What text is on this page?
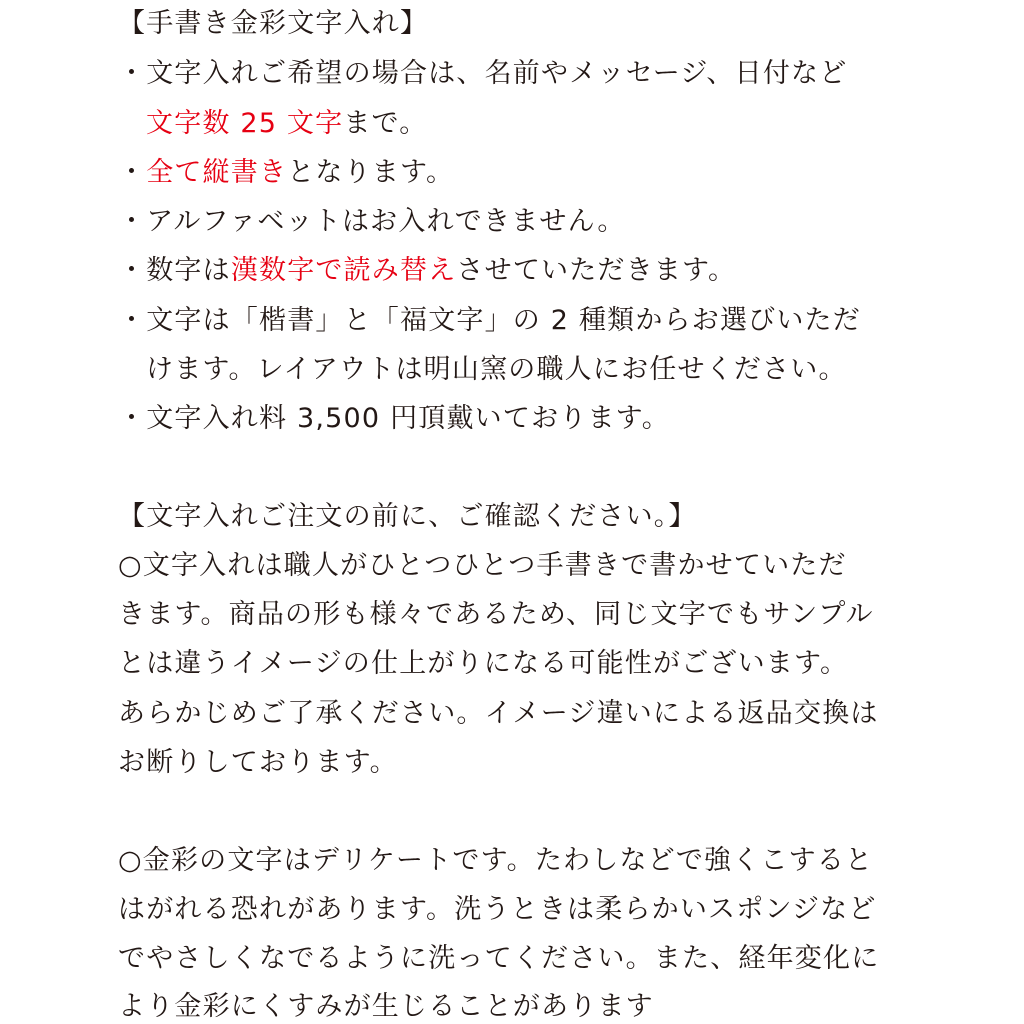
【手書き金彩文字入れ】
・文字入れご希望の場合は、名前やメッセージ、日付など
文字数 25 文字まで。
・全て縦書きとなります。
・アルファベットはお入れできません。
・数字は漢数字で読み替えさせていただきます。
・文字は「楷書」と「福文字」の 2 種類からお選びいただ
けます。レイアウトは明山窯の職人にお任せください。
・文字入れ料 3,500 円頂戴いております。
【文字入れご注文の前に、ご確認ください。】
○文字入れは職人がひとつひとつ手書きで書かせていただ
きます。商品の形も様々であるため、同じ文字でもサンプル
とは違うイメージの仕上がりになる可能性がございます。
あらかじめご了承ください。イメージ違いによる返品交換は
お断りしております。
○金彩の文字はデリケートです。たわしなどで強くこすると
はがれる恐れがあります。洗うときは柔らかいスポンジなど
でやさしくなでるように洗ってください。また、経年変化に
より金彩にくすみが生じることがあります
